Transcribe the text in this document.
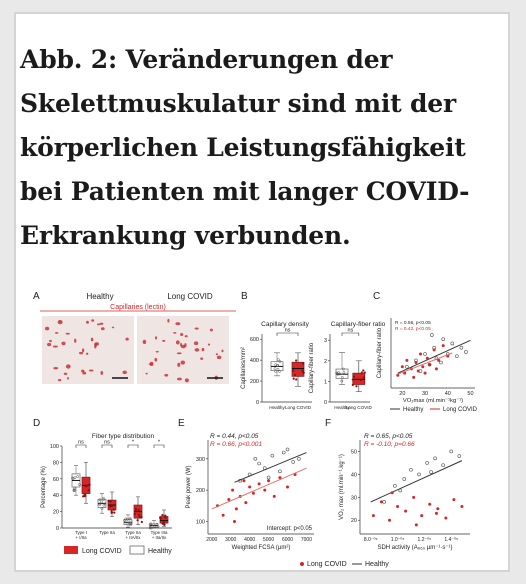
Abb. 2: Veränderungen der
Skelettmuskulatur sind mit der
körperlichen Leistungsfähigkeit
bei Patienten mit langer COVID-
Erkrankung verbunden.
A	Healthy	Long COVID
Capillaries (lectin)
B
600
400
200
0
Capillary density
Capillaries/mm²
ns
Healthy Long COVID
3
2
1
0
Capillary-fiber ratio
Capillary-fiber ratio
ns
Healthy
Long COVID
C
20	30	40	50
Capillary-fiber ratio
VO₂max (ml.min⁻¹kg⁻¹)
R = 0.56, p<0.05
R = 0.42, p<0.05
Healthy	Long COVID
D
100
80
60
40
20
0
Fiber type distribution
Percentage (%)
ns
Type I
+ I/IIa
ns
Type IIa
*
Type IIa
+ IIA/IIx
*
Type IIIa
+ IIa/IIx
Long COVID	Healthy
E
300
200
100
2000 3000 4000 5000 6000 7000
Peak power (W)
Weighted FCSA (µm²)
R = 0.44, p<0.05
R = 0.66, p<0.001
Intercept: p<0.05
F
50
40
30
20
8.0⁻⁰⁶	1.0⁻⁰⁵	1.2⁻⁰⁵	1.4⁻⁰⁵
VO₂ max (ml.min⁻¹.kg⁻¹)
SDH activity (A₆₆₀ µm⁻¹·s⁻¹)
R = 0.65, p<0.05
R = -0.10, p=0.66
Long COVID	Healthy
